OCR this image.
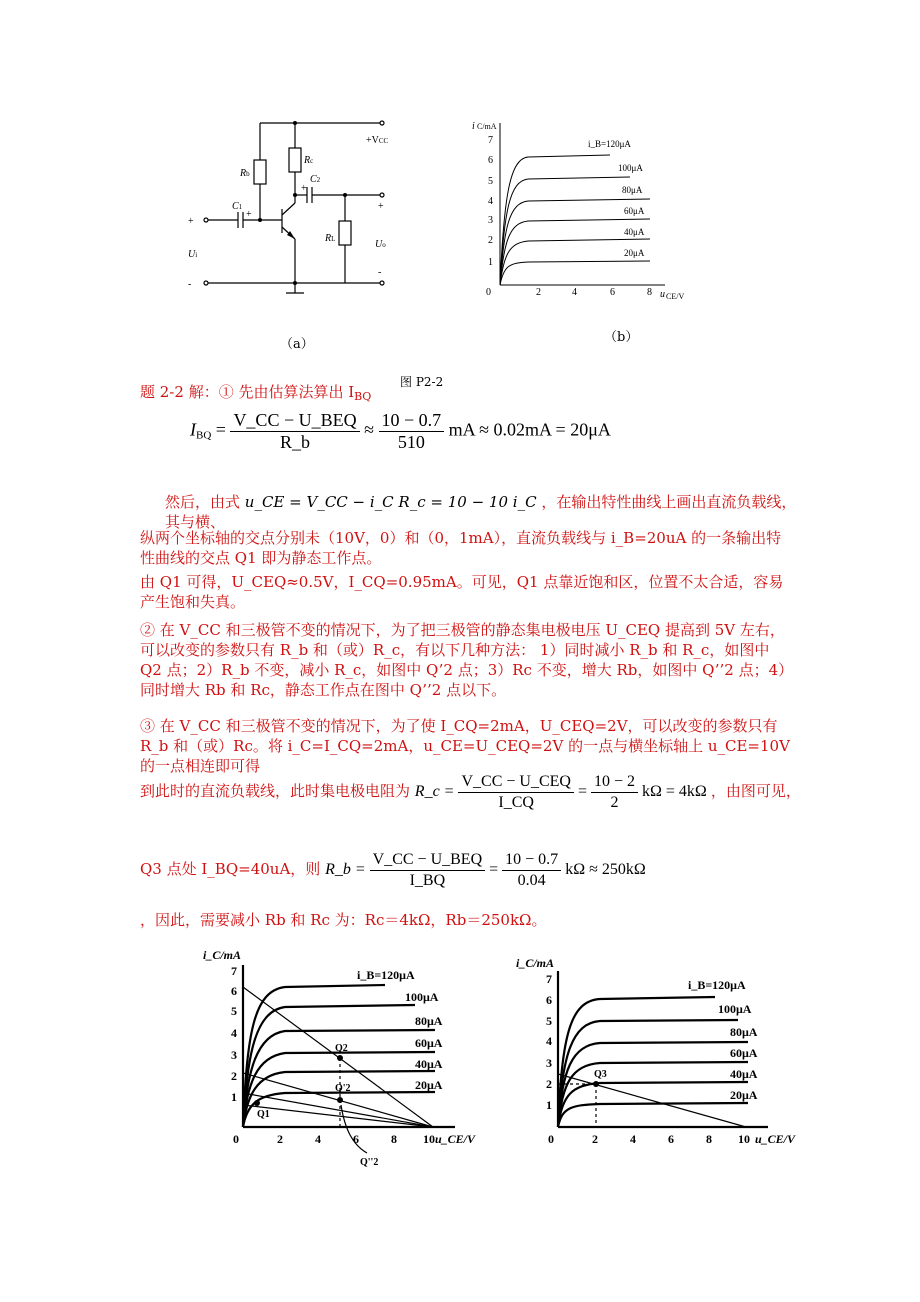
+VCC
Rb
Rc
C1
C2
RL
Ui
Uo
+
-
+
-
+
+
（a）
i C/mA
u CE/V
0	2	4	6	8
1
2
3
4
5
6
7	i_B=120μA
100μA
80μA
60μA
40μA
20μA
（b）
图 P2-2
题 2-2 解：① 先由估算法算出 $I_{BQ}$
$I_{BQ} = \frac{\text{V\_CC − U\_BEQ}}{R\_b} \approx \frac{10 - 0.7}{510}$ mA ≈ 0.02mA = 20μA
然后，由式 u_CE = V_CC − i_C R_c = 10 − 10 i_C ，在输出特性曲线上画出直流负载线，其与横、
纵两个坐标轴的交点分别未（10V，0）和（0，1mA），直流负载线与 i_B=20uA 的一条输出特性曲线的交点 Q1 即为静态工作点。
由 Q1 可得，U_CEQ≈0.5V，I_CQ=0.95mA。可见，Q1 点靠近饱和区，位置不太合适，容易产生饱和失真。
② 在 V_CC 和三极管不变的情况下，为了把三极管的静态集电极电压 U_CEQ 提高到 5V 左右，可以改变的参数只有 R_b 和（或）R_c，有以下几种方法： 1）同时减小 R_b 和 R_c，如图中 Q2 点；2）R_b 不变，减小 R_c，如图中 Q’2 点；3）Rc 不变，增大 Rb，如图中 Q’’2 点；4）同时增大 Rb 和 Rc，静态工作点在图中 Q’’2 点以下。
③ 在 V_CC 和三极管不变的情况下，为了使 I_CQ=2mA，U_CEQ=2V，可以改变的参数只有 R_b 和（或）Rc。将 i_C=I_CQ=2mA，u_CE=U_CEQ=2V 的一点与横坐标轴上 u_CE=10V 的一点相连即可得
到此时的直流负载线，此时集电极电阻为 R_c = $\frac{\text{V\_CC − U\_CEQ}}{I\_CQ} = \frac{10 - 2}{2}$ kΩ = 4kΩ ，由图可见，
Q3 点处 I_BQ=40uA，则 R_b = $\frac{\text{V\_CC − U\_BEQ}}{I\_BQ} = \frac{10 - 0.7}{0.04}$ kΩ ≈ 250kΩ
，因此，需要减小 Rb 和 Rc 为：Rc＝4kΩ，Rb＝250kΩ。
i_C/mA
u_CE/V
0	2	4	6	8 10
1
2
3
4
5
6
7	i_B=120μA
100μA
80μA
60μA
40μA
20μA
Q1
Q2
Q'2
Q''2
i_C/mA
u_CE/V
0	2	4	6	8 10
1
2
3
4
5
6
7	i_B=120μA
100μA
80μA
60μA
40μA
20μA
Q3
